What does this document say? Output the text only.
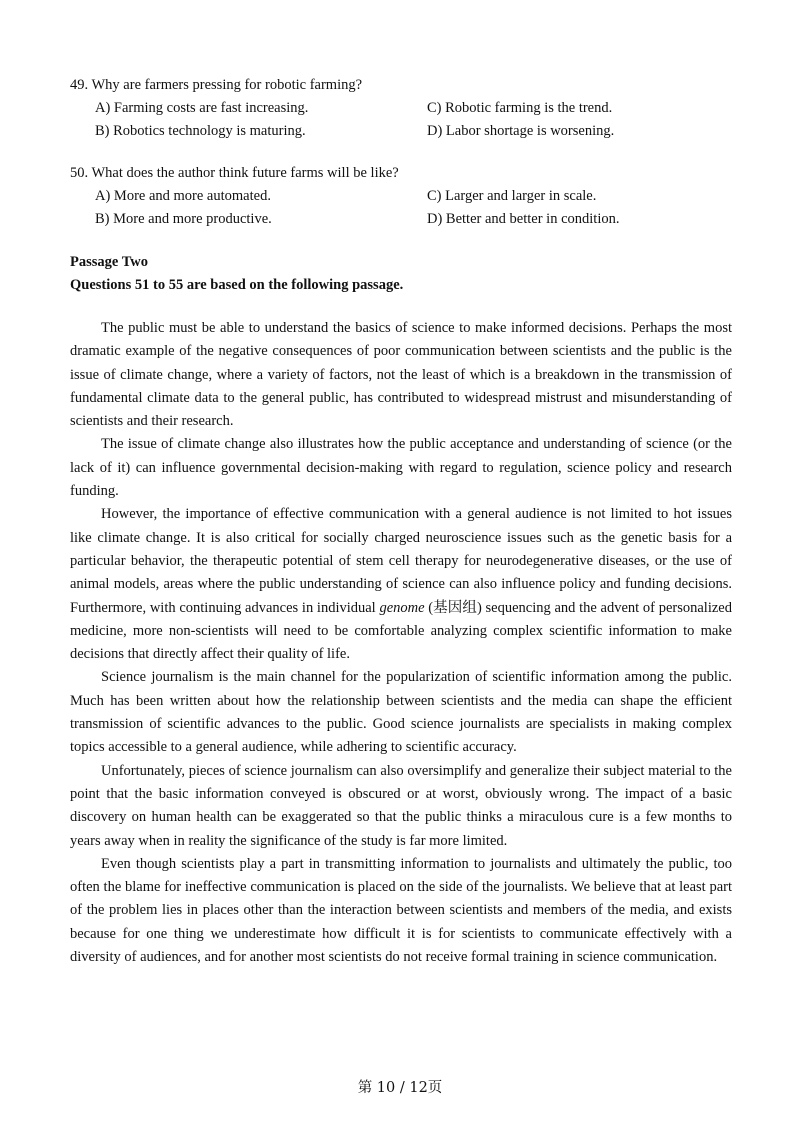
49. Why are farmers pressing for robotic farming?

A) Farming costs are fast increasing.	C) Robotic farming is the trend.
B) Robotics technology is maturing.	D) Labor shortage is worsening.

50. What does the author think future farms will be like?

A) More and more automated.	C) Larger and larger in scale.
B) More and more productive.	D) Better and better in condition.
Passage Two
Questions 51 to 55 are based on the following passage.

The public must be able to understand the basics of science to make informed decisions. Perhaps the most dramatic example of the negative consequences of poor communication between scientists and the public is the issue of climate change, where a variety of factors, not the least of which is a breakdown in the transmission of fundamental climate data to the general public, has contributed to widespread mistrust and misunderstanding of scientists and their research.

The issue of climate change also illustrates how the public acceptance and understanding of science (or the lack of it) can influence governmental decision-making with regard to regulation, science policy and research funding.

However, the importance of effective communication with a general audience is not limited to hot issues like climate change. It is also critical for socially charged neuroscience issues such as the genetic basis for a particular behavior, the therapeutic potential of stem cell therapy for neurodegenerative diseases, or the use of animal models, areas where the public understanding of science can also influence policy and funding decisions. Furthermore, with continuing advances in individual genome (基因组) sequencing and the advent of personalized medicine, more non-scientists will need to be comfortable analyzing complex scientific information to make decisions that directly affect their quality of life.

Science journalism is the main channel for the popularization of scientific information among the public. Much has been written about how the relationship between scientists and the media can shape the efficient transmission of scientific advances to the public. Good science journalists are specialists in making complex topics accessible to a general audience, while adhering to scientific accuracy.

Unfortunately, pieces of science journalism can also oversimplify and generalize their subject material to the point that the basic information conveyed is obscured or at worst, obviously wrong. The impact of a basic discovery on human health can be exaggerated so that the public thinks a miraculous cure is a few months to years away when in reality the significance of the study is far more limited.

Even though scientists play a part in transmitting information to journalists and ultimately the public, too often the blame for ineffective communication is placed on the side of the journalists. We believe that at least part of the problem lies in places other than the interaction between scientists and members of the media, and exists because for one thing we underestimate how difficult it is for scientists to communicate effectively with a diversity of audiences, and for another most scientists do not receive formal training in science communication.

第 10 / 12页
